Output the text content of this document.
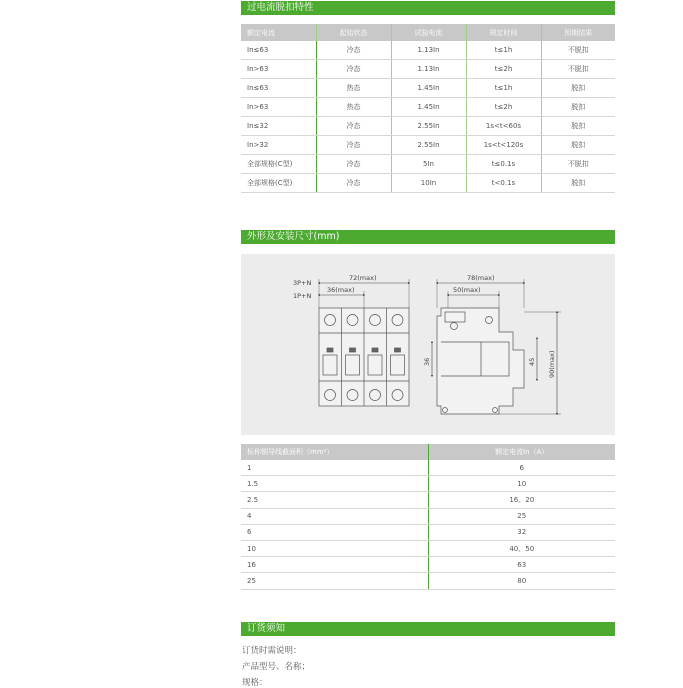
过电流脱扣特性
额定电流	起始状态	试验电流	规定时间	预期结果
In≤63	冷态	1.13In	t≤1h	不脱扣
In>63	冷态	1.13In	t≤2h	不脱扣
In≤63	热态	1.45In	t≤1h	脱扣
In>63	热态	1.45In	t≤2h	脱扣
In≤32	冷态	2.55In	1s<t<60s	脱扣
In>32	冷态	2.55In	1s<t<120s	脱扣
全部规格(C型)	冷态	5In	t≤0.1s	不脱扣
全部规格(C型)	冷态	10In	t<0.1s	脱扣
外形及安装尺寸(mm)
3P+N
1P+N
72(max)
36(max)
78(max)
50(max)
36	45 90(max)
标称铜导线截面积（mm²）	额定电流In（A）
1	6
1.5	10
2.5	16、20
4	25
6	32
10	40、50
16	63
25	80
订货须知
订货时需说明：
产品型号、名称；
规格：
